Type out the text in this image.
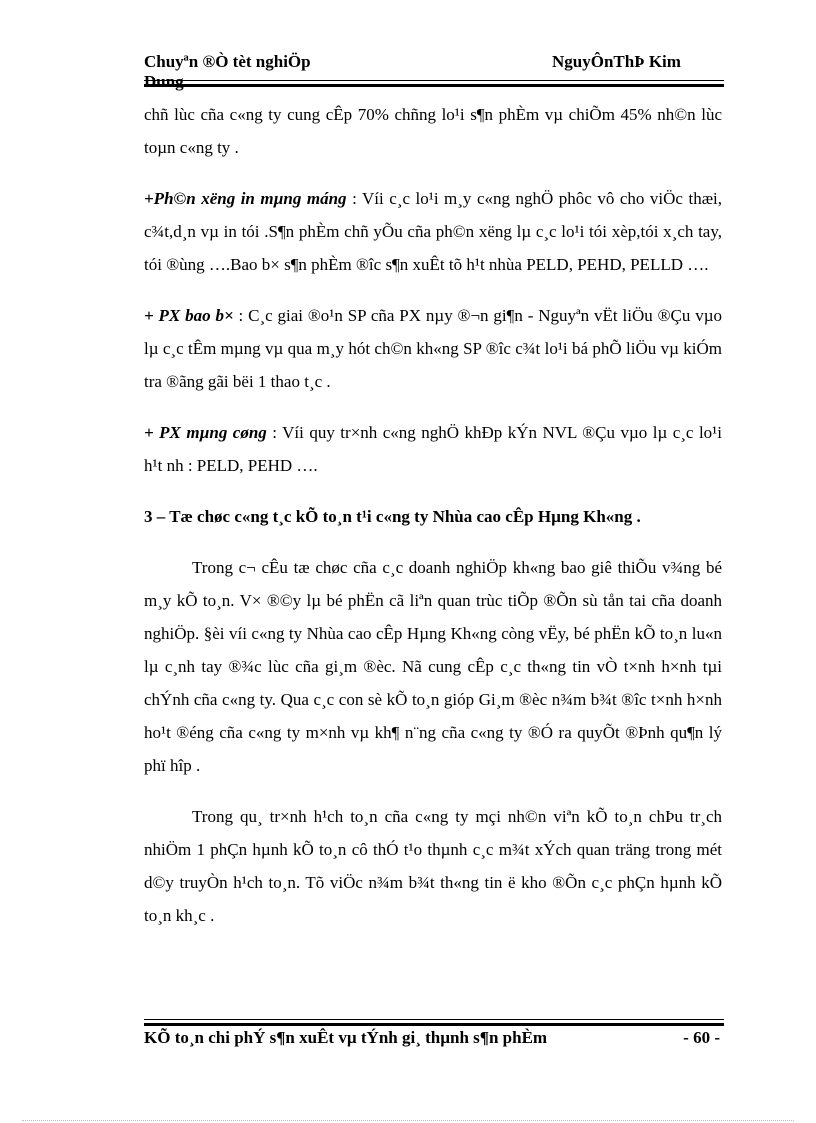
Chuyªn ®Ò tèt nghiÖp	NguyÔnThÞ Kim
Dung

chñ lùc cña c«ng ty cung cÊp 70% chñng lo¹i s¶n phÈm vµ chiÕm 45% nh©n lùc toµn c«ng ty .

+Ph©n xëng in mµng máng : Víi c¸c lo¹i m¸y c«ng nghÖ phôc vô cho viÖc thæi, c¾t,d¸n vµ in tói .S¶n phÈm chñ yÕu cña ph©n xëng lµ c¸c lo¹i tói xèp,tói x¸ch tay, tói ®ùng ….Bao b× s¶n phÈm ®îc s¶n xuÊt tõ h¹t nhùa PELD, PEHD, PELLD ….

+ PX bao b× : C¸c giai ®o¹n SP cña PX nµy ®¬n gi¶n - Nguyªn vËt liÖu ®Çu vµo lµ c¸c tÊm mµng vµ qua m¸y hót ch©n kh«ng SP ®îc c¾t lo¹i bá phÕ liÖu vµ kiÓm tra ®ãng gãi bëi 1 thao t¸c .

+ PX mµng cøng : Víi quy tr×nh c«ng nghÖ khÐp kÝn NVL ®Çu vµo lµ c¸c lo¹i h¹t nh : PELD, PEHD ….

3 – Tæ chøc c«ng t¸c kÕ to¸n t¹i c«ng ty Nhùa cao cÊp Hµng Kh«ng .

Trong c¬ cÊu tæ chøc cña c¸c doanh nghiÖp kh«ng bao giê thiÕu v¾ng bé m¸y kÕ to¸n. V× ®©y lµ bé phËn cã liªn quan trùc tiÕp ®Õn sù tån tai cña doanh nghiÖp. §èi víi c«ng ty Nhùa cao cÊp Hµng Kh«ng còng vËy, bé phËn kÕ to¸n lu«n lµ c¸nh tay ®¾c lùc cña gi¸m ®èc. Nã cung cÊp c¸c th«ng tin vÒ t×nh h×nh tµi chÝnh cña c«ng ty. Qua c¸c con sè kÕ to¸n gióp Gi¸m ®èc n¾m b¾t ®îc t×nh h×nh ho¹t ®éng cña c«ng ty m×nh vµ kh¶ n¨ng cña c«ng ty ®Ó ra quyÕt ®Þnh qu¶n lý phï hîp .

Trong qu¸ tr×nh h¹ch to¸n cña c«ng ty mçi nh©n viªn kÕ to¸n chÞu tr¸ch nhiÖm 1 phÇn hµnh kÕ to¸n cô thÓ t¹o thµnh c¸c m¾t xÝch quan träng trong mét d©y truyÒn h¹ch to¸n. Tõ viÖc n¾m b¾t th«ng tin ë kho ®Õn c¸c phÇn hµnh kÕ to¸n kh¸c .

KÕ to¸n chi phÝ s¶n xuÊt vµ tÝnh gi¸ thµnh s¶n phÈm	- 60 -
